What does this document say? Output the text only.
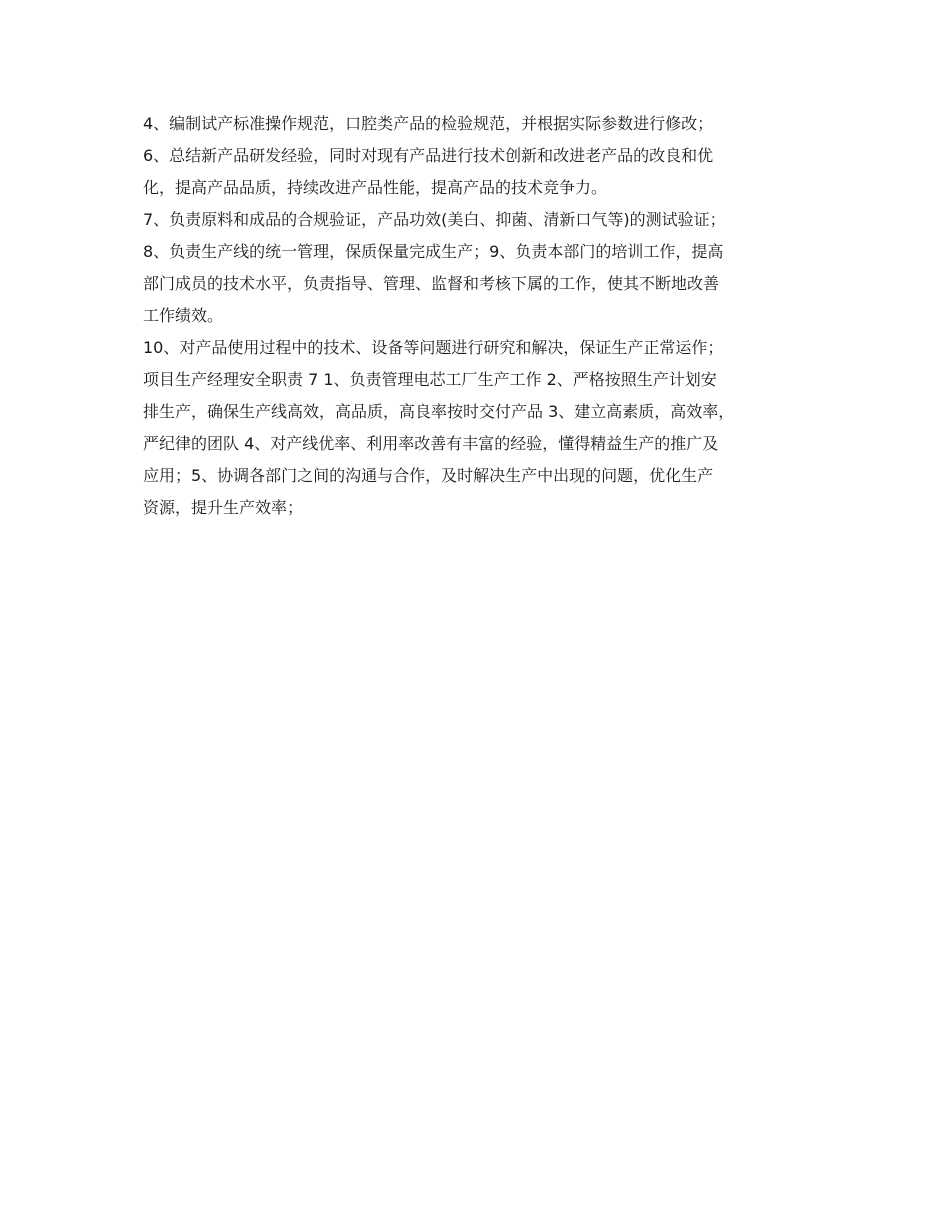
4、编制试产标准操作规范，口腔类产品的检验规范，并根据实际参数进行修改；
6、总结新产品研发经验，同时对现有产品进行技术创新和改进老产品的改良和优
化，提高产品品质，持续改进产品性能，提高产品的技术竞争力。
7、负责原料和成品的合规验证，产品功效(美白、抑菌、清新口气等)的测试验证；
8、负责生产线的统一管理，保质保量完成生产；9、负责本部门的培训工作，提高
部门成员的技术水平，负责指导、管理、监督和考核下属的工作，使其不断地改善
工作绩效。
10、对产品使用过程中的技术、设备等问题进行研究和解决，保证生产正常运作；
项目生产经理安全职责 7 1、负责管理电芯工厂生产工作 2、严格按照生产计划安
排生产，确保生产线高效，高品质，高良率按时交付产品 3、建立高素质，高效率，
严纪律的团队 4、对产线优率、利用率改善有丰富的经验，懂得精益生产的推广及
应用；5、协调各部门之间的沟通与合作，及时解决生产中出现的问题，优化生产
资源，提升生产效率；
